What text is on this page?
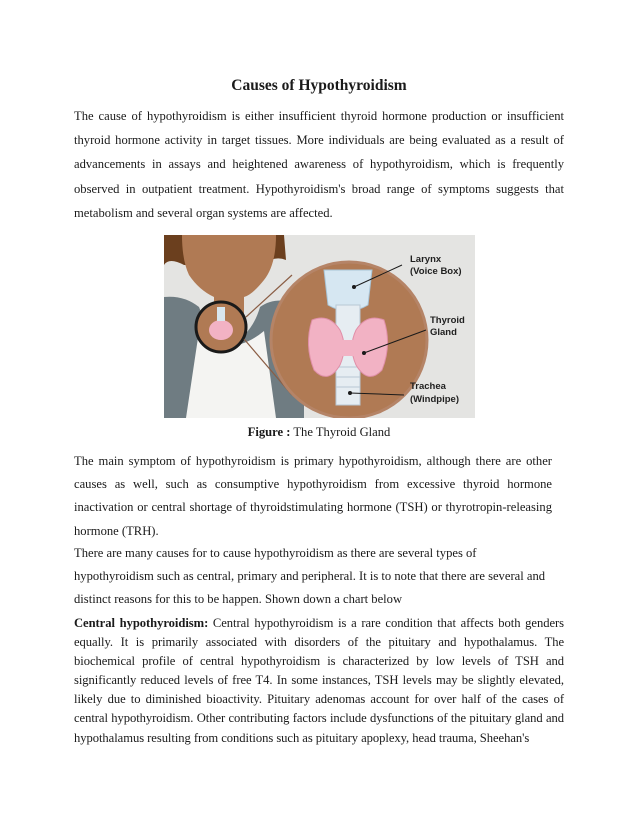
Causes of Hypothyroidism

The cause of hypothyroidism is either insufficient thyroid hormone production or insufficient thyroid hormone activity in target tissues. More individuals are being evaluated as a result of advancements in assays and heightened awareness of hypothyroidism, which is frequently observed in outpatient treatment. Hypothyroidism's broad range of symptoms suggests that metabolism and several organ systems are affected.

Larynx
(Voice Box)
Thyroid
Gland
Trachea
(Windpipe)
Figure : The Thyroid Gland

The main symptom of hypothyroidism is primary hypothyroidism, although there are other causes as well, such as consumptive hypothyroidism from excessive thyroid hormone inactivation or central shortage of thyroidstimulating hormone (TSH) or thyrotropin-releasing hormone (TRH).

There are many causes for to cause hypothyroidism as there are several types of hypothyroidism such as central, primary and peripheral. It is to note that there are several and distinct reasons for this to be happen. Shown down a chart below

Central hypothyroidism: Central hypothyroidism is a rare condition that affects both genders equally. It is primarily associated with disorders of the pituitary and hypothalamus. The biochemical profile of central hypothyroidism is characterized by low levels of TSH and significantly reduced levels of free T4. In some instances, TSH levels may be slightly elevated, likely due to diminished bioactivity. Pituitary adenomas account for over half of the cases of central hypothyroidism. Other contributing factors include dysfunctions of the pituitary gland and hypothalamus resulting from conditions such as pituitary apoplexy, head trauma, Sheehan's
